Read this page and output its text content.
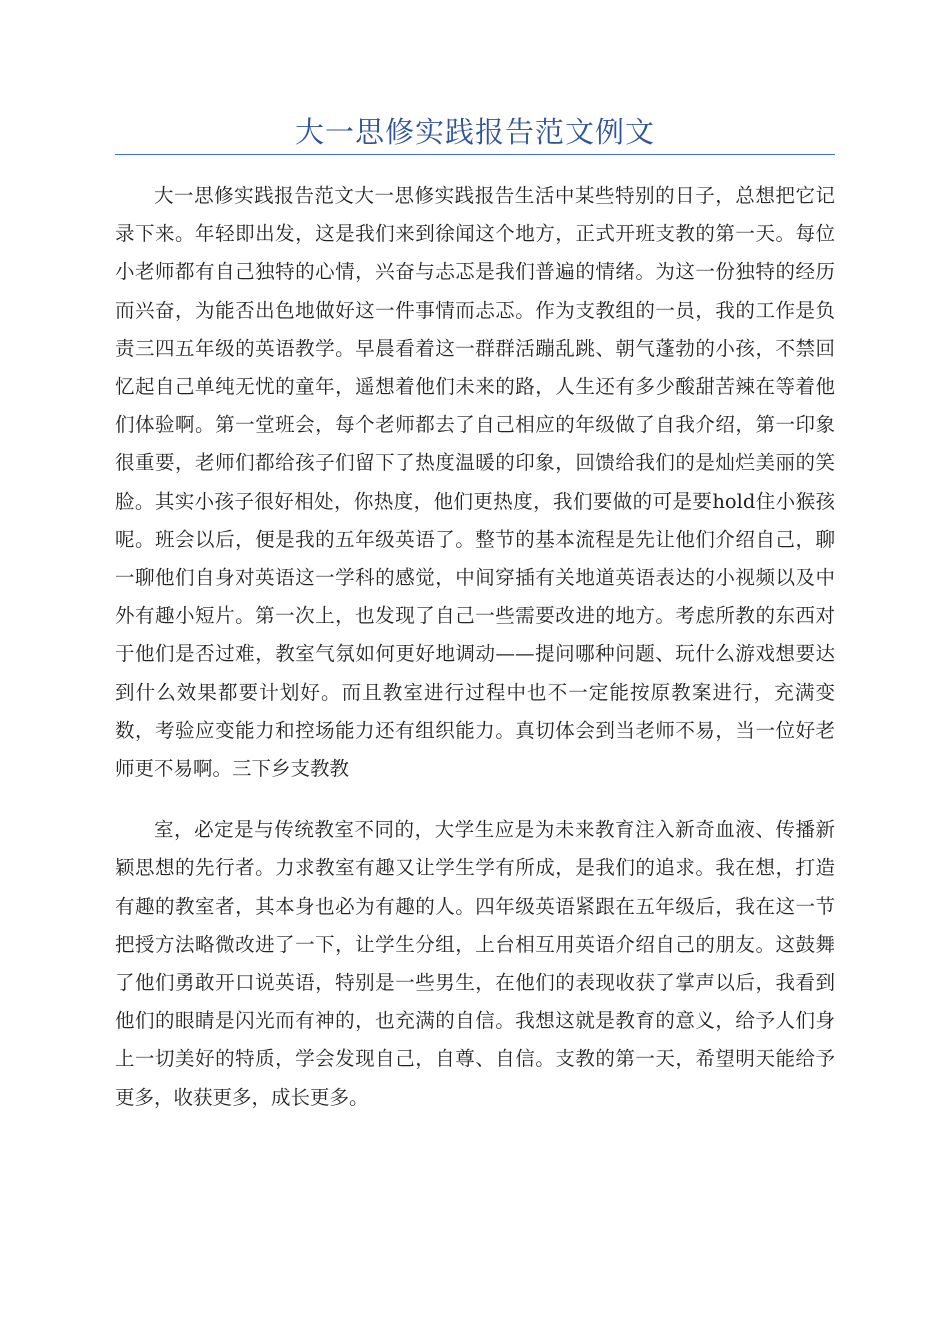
大一思修实践报告范文例文

大一思修实践报告范文大一思修实践报告生活中某些特别的日子，总想把它记录下来。年轻即出发，这是我们来到徐闻这个地方，正式开班支教的第一天。每位小老师都有自己独特的心情，兴奋与忐忑是我们普遍的情绪。为这一份独特的经历而兴奋，为能否出色地做好这一件事情而忐忑。作为支教组的一员，我的工作是负责三四五年级的英语教学。早晨看着这一群群活蹦乱跳、朝气蓬勃的小孩，不禁回忆起自己单纯无忧的童年，遥想着他们未来的路，人生还有多少酸甜苦辣在等着他们体验啊。第一堂班会，每个老师都去了自己相应的年级做了自我介绍，第一印象很重要，老师们都给孩子们留下了热度温暖的印象，回馈给我们的是灿烂美丽的笑脸。其实小孩子很好相处，你热度，他们更热度，我们要做的可是要hold住小猴孩呢。班会以后，便是我的五年级英语了。整节的基本流程是先让他们介绍自己，聊一聊他们自身对英语这一学科的感觉，中间穿插有关地道英语表达的小视频以及中外有趣小短片。第一次上，也发现了自己一些需要改进的地方。考虑所教的东西对于他们是否过难，教室气氛如何更好地调动——提问哪种问题、玩什么游戏想要达到什么效果都要计划好。而且教室进行过程中也不一定能按原教案进行，充满变数，考验应变能力和控场能力还有组织能力。真切体会到当老师不易，当一位好老师更不易啊。三下乡支教教

室，必定是与传统教室不同的，大学生应是为未来教育注入新奇血液、传播新颖思想的先行者。力求教室有趣又让学生学有所成，是我们的追求。我在想，打造有趣的教室者，其本身也必为有趣的人。四年级英语紧跟在五年级后，我在这一节把授方法略微改进了一下，让学生分组，上台相互用英语介绍自己的朋友。这鼓舞了他们勇敢开口说英语，特别是一些男生，在他们的表现收获了掌声以后，我看到他们的眼睛是闪光而有神的，也充满的自信。我想这就是教育的意义，给予人们身上一切美好的特质，学会发现自己，自尊、自信。支教的第一天，希望明天能给予更多，收获更多，成长更多。
